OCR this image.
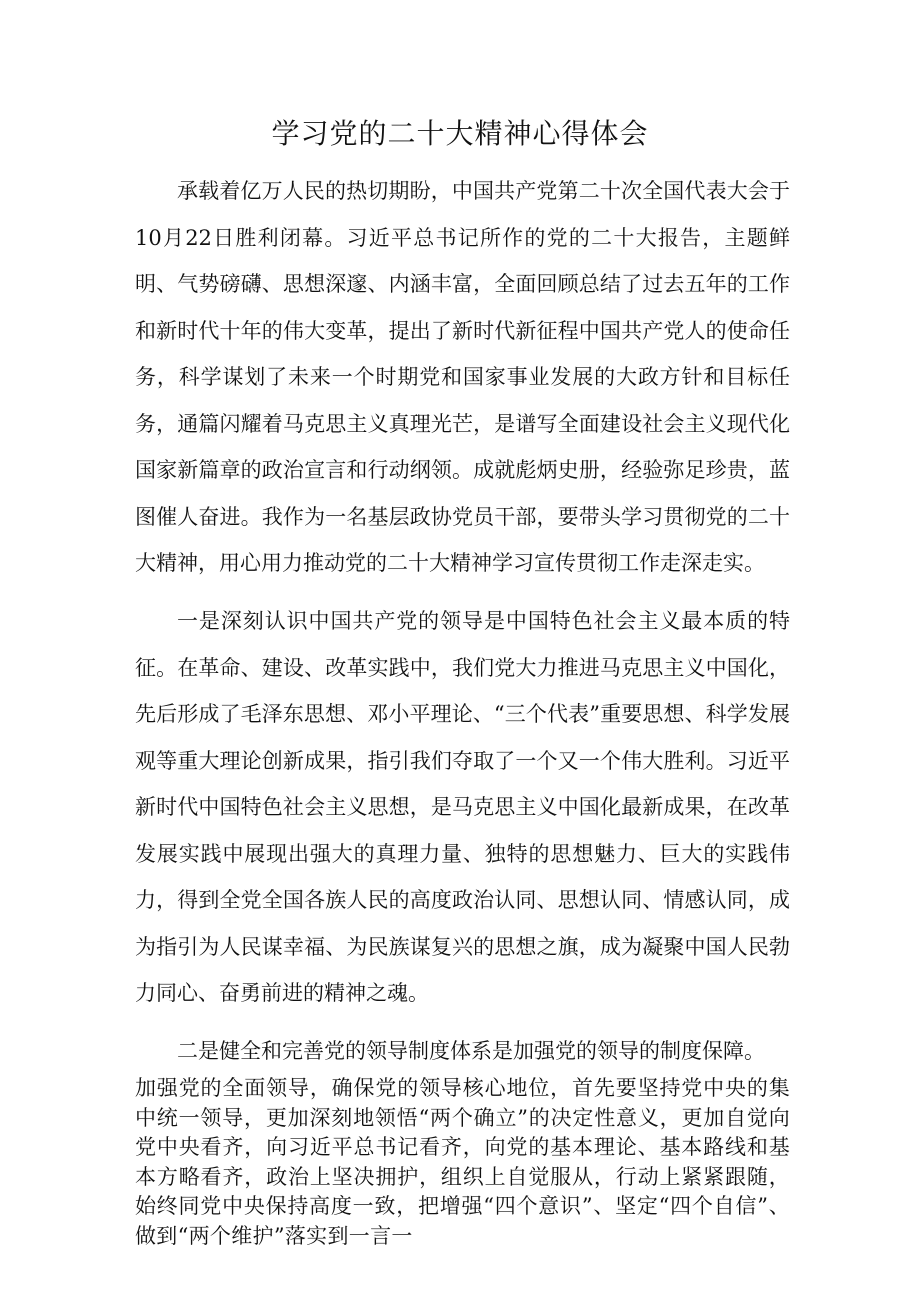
学习党的二十大精神心得体会

承载着亿万人民的热切期盼，中国共产党第二十次全国代表大会于10月22日胜利闭幕。习近平总书记所作的党的二十大报告，主题鲜明、气势磅礴、思想深邃、内涵丰富，全面回顾总结了过去五年的工作和新时代十年的伟大变革，提出了新时代新征程中国共产党人的使命任务，科学谋划了未来一个时期党和国家事业发展的大政方针和目标任务，通篇闪耀着马克思主义真理光芒，是谱写全面建设社会主义现代化国家新篇章的政治宣言和行动纲领。成就彪炳史册，经验弥足珍贵，蓝图催人奋进。我作为一名基层政协党员干部，要带头学习贯彻党的二十大精神，用心用力推动党的二十大精神学习宣传贯彻工作走深走实。

一是深刻认识中国共产党的领导是中国特色社会主义最本质的特征。在革命、建设、改革实践中，我们党大力推进马克思主义中国化，先后形成了毛泽东思想、邓小平理论、“三个代表”重要思想、科学发展观等重大理论创新成果，指引我们夺取了一个又一个伟大胜利。习近平新时代中国特色社会主义思想，是马克思主义中国化最新成果，在改革发展实践中展现出强大的真理力量、独特的思想魅力、巨大的实践伟力，得到全党全国各族人民的高度政治认同、思想认同、情感认同，成为指引为人民谋幸福、为民族谋复兴的思想之旗，成为凝聚中国人民勃力同心、奋勇前进的精神之魂。

二是健全和完善党的领导制度体系是加强党的领导的制度保障。

加强党的全面领导，确保党的领导核心地位，首先要坚持党中央的集中统一领导，更加深刻地领悟“两个确立”的决定性意义，更加自觉向党中央看齐，向习近平总书记看齐，向党的基本理论、基本路线和基本方略看齐，政治上坚决拥护，组织上自觉服从，行动上紧紧跟随，始终同党中央保持高度一致，把增强“四个意识”、坚定“四个自信”、做到“两个维护”落实到一言一
